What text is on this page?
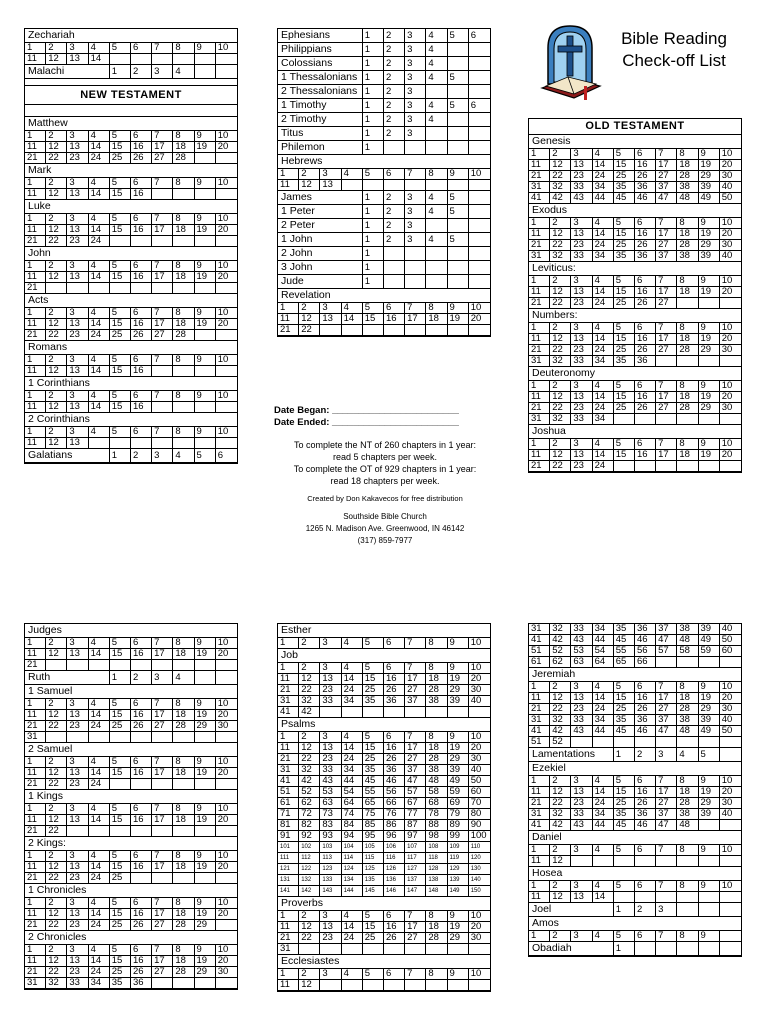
Zechariah
1	2	3	4	5	6	7	8	9	10
11	12	13	14
Malachi	1	2	3	4
NEW TESTAMENT
Matthew
1	2	3	4	5	6	7	8	9	10
11	12	13	14	15	16	17	18	19	20
21	22	23	24	25	26	27	28
Mark
1	2	3	4	5	6	7	8	9	10
11	12	13	14	15	16
Luke
1	2	3	4	5	6	7	8	9	10
11	12	13	14	15	16	17	18	19	20
21	22	23	24
John
1	2	3	4	5	6	7	8	9	10
11	12	13	14	15	16	17	18	19	20
21
Acts
1	2	3	4	5	6	7	8	9	10
11	12	13	14	15	16	17	18	19	20
21	22	23	24	25	26	27	28
Romans
1	2	3	4	5	6	7	8	9	10
11	12	13	14	15	16
1 Corinthians
1	2	3	4	5	6	7	8	9	10
11	12	13	14	15	16
2 Corinthians
1	2	3	4	5	6	7	8	9	10
11	12	13
Galatians	1	2	3	4	5	6
Ephesians	1	2	3	4	5	6
Philippians	1	2	3	4
Colossians	1	2	3	4
1 Thessalonians 1	2	3	4	5
2 Thessalonians 1	2	3
1 Timothy	1	2	3	4	5	6
2 Timothy	1	2	3	4
Titus	1	2	3
Philemon	1
Hebrews
1	2	3	4	5	6	7	8	9	10
11	12	13
James	1	2	3	4	5
1 Peter	1	2	3	4	5
2 Peter	1	2	3
1 John	1	2	3	4	5
2 John	1
3 John	1
Jude	1
Revelation
1	2	3	4	5	6	7	8	9	10
11	12	13	14	15	16	17	18	19	20
21	22
OLD TESTAMENT
Genesis
1	2	3	4	5	6	7	8	9	10
11	12	13	14	15	16	17	18	19	20
21	22	23	24	25	26	27	28	29	30
31	32	33	34	35	36	37	38	39	40
41	42	43	44	45	46	47	48	49	50
Exodus
1	2	3	4	5	6	7	8	9	10
11	12	13	14	15	16	17	18	19	20
21	22	23	24	25	26	27	28	29	30
31	32	33	34	35	36	37	38	39	40
Leviticus:
1	2	3	4	5	6	7	8	9	10
11	12	13	14	15	16	17	18	19	20
21	22	23	24	25	26	27
Numbers:
1	2	3	4	5	6	7	8	9	10
11	12	13	14	15	16	17	18	19	20
21	22	23	24	25	26	27	28	29	30
31	32	33	34	35	36
Deuteronomy
1	2	3	4	5	6	7	8	9	10
11	12	13	14	15	16	17	18	19	20
21	22	23	24	25	26	27	28	29	30
31	32	33	34
Joshua
1	2	3	4	5	6	7	8	9	10
11	12	13	14	15	16	17	18	19	20
21	22	23	24
Judges
1	2	3	4	5	6	7	8	9	10
11	12	13	14	15	16	17	18	19	20
21
Ruth	1	2	3	4
1 Samuel
1	2	3	4	5	6	7	8	9	10
11	12	13	14	15	16	17	18	19	20
21	22	23	24	25	26	27	28	29	30
31
2 Samuel
1	2	3	4	5	6	7	8	9	10
11	12	13	14	15	16	17	18	19	20
21	22	23	24
1 Kings
1	2	3	4	5	6	7	8	9	10
11	12	13	14	15	16	17	18	19	20
21	22
2 Kings:
1	2	3	4	5	6	7	8	9	10
11	12	13	14	15	16	17	18	19	20
21	22	23	24	25
1 Chronicles
1	2	3	4	5	6	7	8	9	10
11	12	13	14	15	16	17	18	19	20
21	22	23	24	25	26	27	28	29
2 Chronicles
1	2	3	4	5	6	7	8	9	10
11	12	13	14	15	16	17	18	19	20
21	22	23	24	25	26	27	28	29	30
31	32	33	34	35	36
Esther
1	2	3	4	5	6	7	8	9	10
Job
1	2	3	4	5	6	7	8	9	10
11	12	13	14	15	16	17	18	19	20
21	22	23	24	25	26	27	28	29	30
31	32	33	34	35	36	37	38	39	40
41	42
Psalms
1	2	3	4	5	6	7	8	9	10
11	12	13	14	15	16	17	18	19	20
21	22	23	24	25	26	27	28	29	30
31	32	33	34	35	36	37	38	39	40
41	42	43	44	45	46	47	48	49	50
51	52	53	54	55	56	57	58	59	60
61	62	63	64	65	66	67	68	69	70
71	72	73	74	75	76	77	78	79	80
81	82	83	84	85	86	87	88	89	90
91	92	93	94	95	96	97	98	99	100
101	102	103	104	105	106	107	108	109	110
111	112	113	114	115	116	117	118	119	120
121	122	123	124	125	126	127	128	129	130
131	132	133	134	135	136	137	138	139	140
141	142	143	144	145	146	147	148	149	150
Proverbs
1	2	3	4	5	6	7	8	9	10
11	12	13	14	15	16	17	18	19	20
21	22	23	24	25	26	27	28	29	30
31
Ecclesiastes
1	2	3	4	5	6	7	8	9	10
11	12
31	32	33	34	35	36	37	38	39	40
41	42	43	44	45	46	47	48	49	50
51	52	53	54	55	56	57	58	59	60
61	62	63	64	65	66
Jeremiah
1	2	3	4	5	6	7	8	9	10
11	12	13	14	15	16	17	18	19	20
21	22	23	24	25	26	27	28	29	30
31	32	33	34	35	36	37	38	39	40
41	42	43	44	45	46	47	48	49	50
51	52
Lamentations	1	2	3	4	5
Ezekiel
1	2	3	4	5	6	7	8	9	10
11	12	13	14	15	16	17	18	19	20
21	22	23	24	25	26	27	28	29	30
31	32	33	34	35	36	37	38	39	40
41	42	43	44	45	46	47	48
Daniel
1	2	3	4	5	6	7	8	9	10
11	12
Hosea
1	2	3	4	5	6	7	8	9	10
11	12	13	14
Joel	1	2	3
Amos
1	2	3	4	5	6	7	8	9
Obadiah	1
Bible Reading
Check-off List
Date Began: ________________________
Date Ended: ________________________
To complete the NT of 260 chapters in 1 year:
read 5 chapters per week.
To complete the OT of 929 chapters in 1 year:
read 18 chapters per week.
Created by Don Kakavecos for free distribution
Southside Bible Church
1265 N. Madison Ave. Greenwood, IN 46142
(317) 859-7977
